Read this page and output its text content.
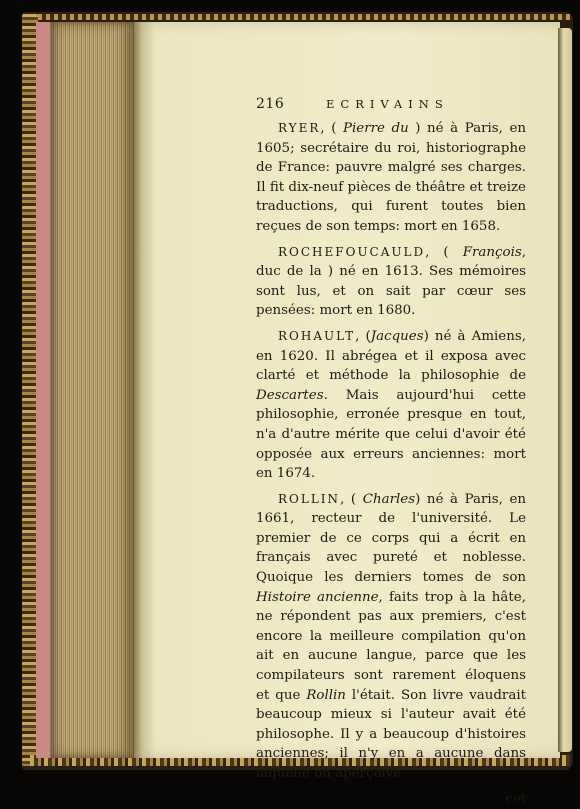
216	ECRIVAINS

RYER, ( Pierre du ) né à Paris, en 1605; secrétaire du roi, historiographe de France: pauvre malgré ses charges. Il fit dix-neuf pièces de théâtre et treize traductions, qui furent toutes bien reçues de son temps: mort en 1658.

ROCHEFOUCAULD, ( François, duc de la ) né en 1613. Ses mémoires sont lus, et on sait par cœur ses pensées: mort en 1680.

ROHAULT, (Jacques) né à Amiens, en 1620. Il abrégea et il exposa avec clarté et méthode la philosophie de Descartes. Mais aujourd'hui cette philosophie, erronée presque en tout, n'a d'autre mérite que celui d'avoir été opposée aux erreurs anciennes: mort en 1674.

ROLLIN, ( Charles) né à Paris, en 1661, recteur de l'université. Le premier de ce corps qui a écrit en français avec pureté et noblesse. Quoique les derniers tomes de son Histoire ancienne, faits trop à la hâte, ne répondent pas aux premiers, c'est encore la meilleure compilation qu'on ait en aucune langue, parce que les compilateurs sont rarement éloquens et que Rollin l'était. Son livre vaudrait beaucoup mieux si l'auteur avait été philosophe. Il y a beaucoup d'histoires anciennes; il n'y en a aucune dans laquelle on aperçoive

cet
